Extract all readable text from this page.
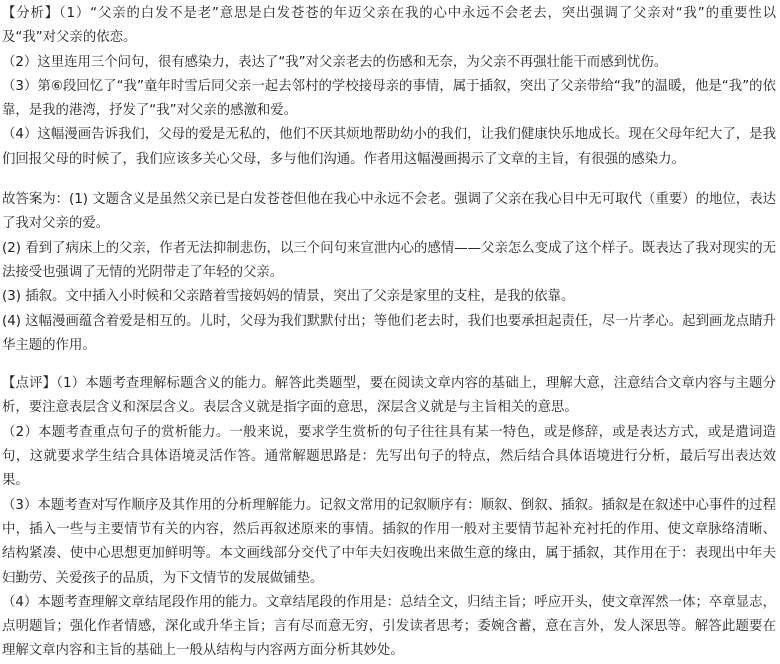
【分析】（1）“父亲的白发不是老”意思是白发苍苍的年迈父亲在我的心中永远不会老去，突出强调了父亲对“我”的重要性以及“我”对父亲的依恋。

（2）这里连用三个问句，很有感染力，表达了“我”对父亲老去的伤感和无奈，为父亲不再强壮能干而感到忧伤。

（3）第⑥段回忆了“我”童年时雪后同父亲一起去邻村的学校接母亲的事情，属于插叙，突出了父亲带给“我”的温暖，他是“我”的依靠，是我的港湾，抒发了“我”对父亲的感激和爱。

（4）这幅漫画告诉我们，父母的爱是无私的，他们不厌其烦地帮助幼小的我们，让我们健康快乐地成长。现在父母年纪大了，是我们回报父母的时候了，我们应该多关心父母，多与他们沟通。作者用这幅漫画揭示了文章的主旨，有很强的感染力。

故答案为：(1) 文题含义是虽然父亲已是白发苍苍但他在我心中永远不会老。强调了父亲在我心目中无可取代（重要）的地位，表达了我对父亲的爱。

(2) 看到了病床上的父亲，作者无法抑制悲伤，以三个问句来宣泄内心的感情——父亲怎么变成了这个样子。既表达了我对现实的无法接受也强调了无情的光阴带走了年轻的父亲。

(3) 插叙。文中插入小时候和父亲踏着雪接妈妈的情景，突出了父亲是家里的支柱，是我的依靠。

(4) 这幅漫画蕴含着爱是相互的。儿时，父母为我们默默付出；等他们老去时，我们也要承担起责任，尽一片孝心。起到画龙点睛升华主题的作用。

【点评】（1）本题考查理解标题含义的能力。解答此类题型，要在阅读文章内容的基础上，理解大意，注意结合文章内容与主题分析，要注意表层含义和深层含义。表层含义就是指字面的意思，深层含义就是与主旨相关的意思。

（2）本题考查重点句子的赏析能力。一般来说，要求学生赏析的句子往往具有某一特色，或是修辞，或是表达方式，或是遣词造句，这就要求学生结合具体语境灵活作答。通常解题思路是：先写出句子的特点，然后结合具体语境进行分析，最后写出表达效果。

（3）本题考查对写作顺序及其作用的分析理解能力。记叙文常用的记叙顺序有：顺叙、倒叙、插叙。插叙是在叙述中心事件的过程中，插入一些与主要情节有关的内容，然后再叙述原来的事情。插叙的作用一般对主要情节起补充衬托的作用、使文章脉络清晰、结构紧凑、使中心思想更加鲜明等。本文画线部分交代了中年夫妇夜晚出来做生意的缘由，属于插叙，其作用在于：表现出中年夫妇勤劳、关爱孩子的品质，为下文情节的发展做铺垫。

（4）本题考查理解文章结尾段作用的能力。文章结尾段的作用是：总结全文，归结主旨；呼应开头，使文章浑然一体；卒章显志，点明题旨；强化作者情感，深化或升华主旨；言有尽而意无穷，引发读者思考；委婉含蓄，意在言外，发人深思等。解答此题要在理解文章内容和主旨的基础上一般从结构与内容两方面分析其妙处。
